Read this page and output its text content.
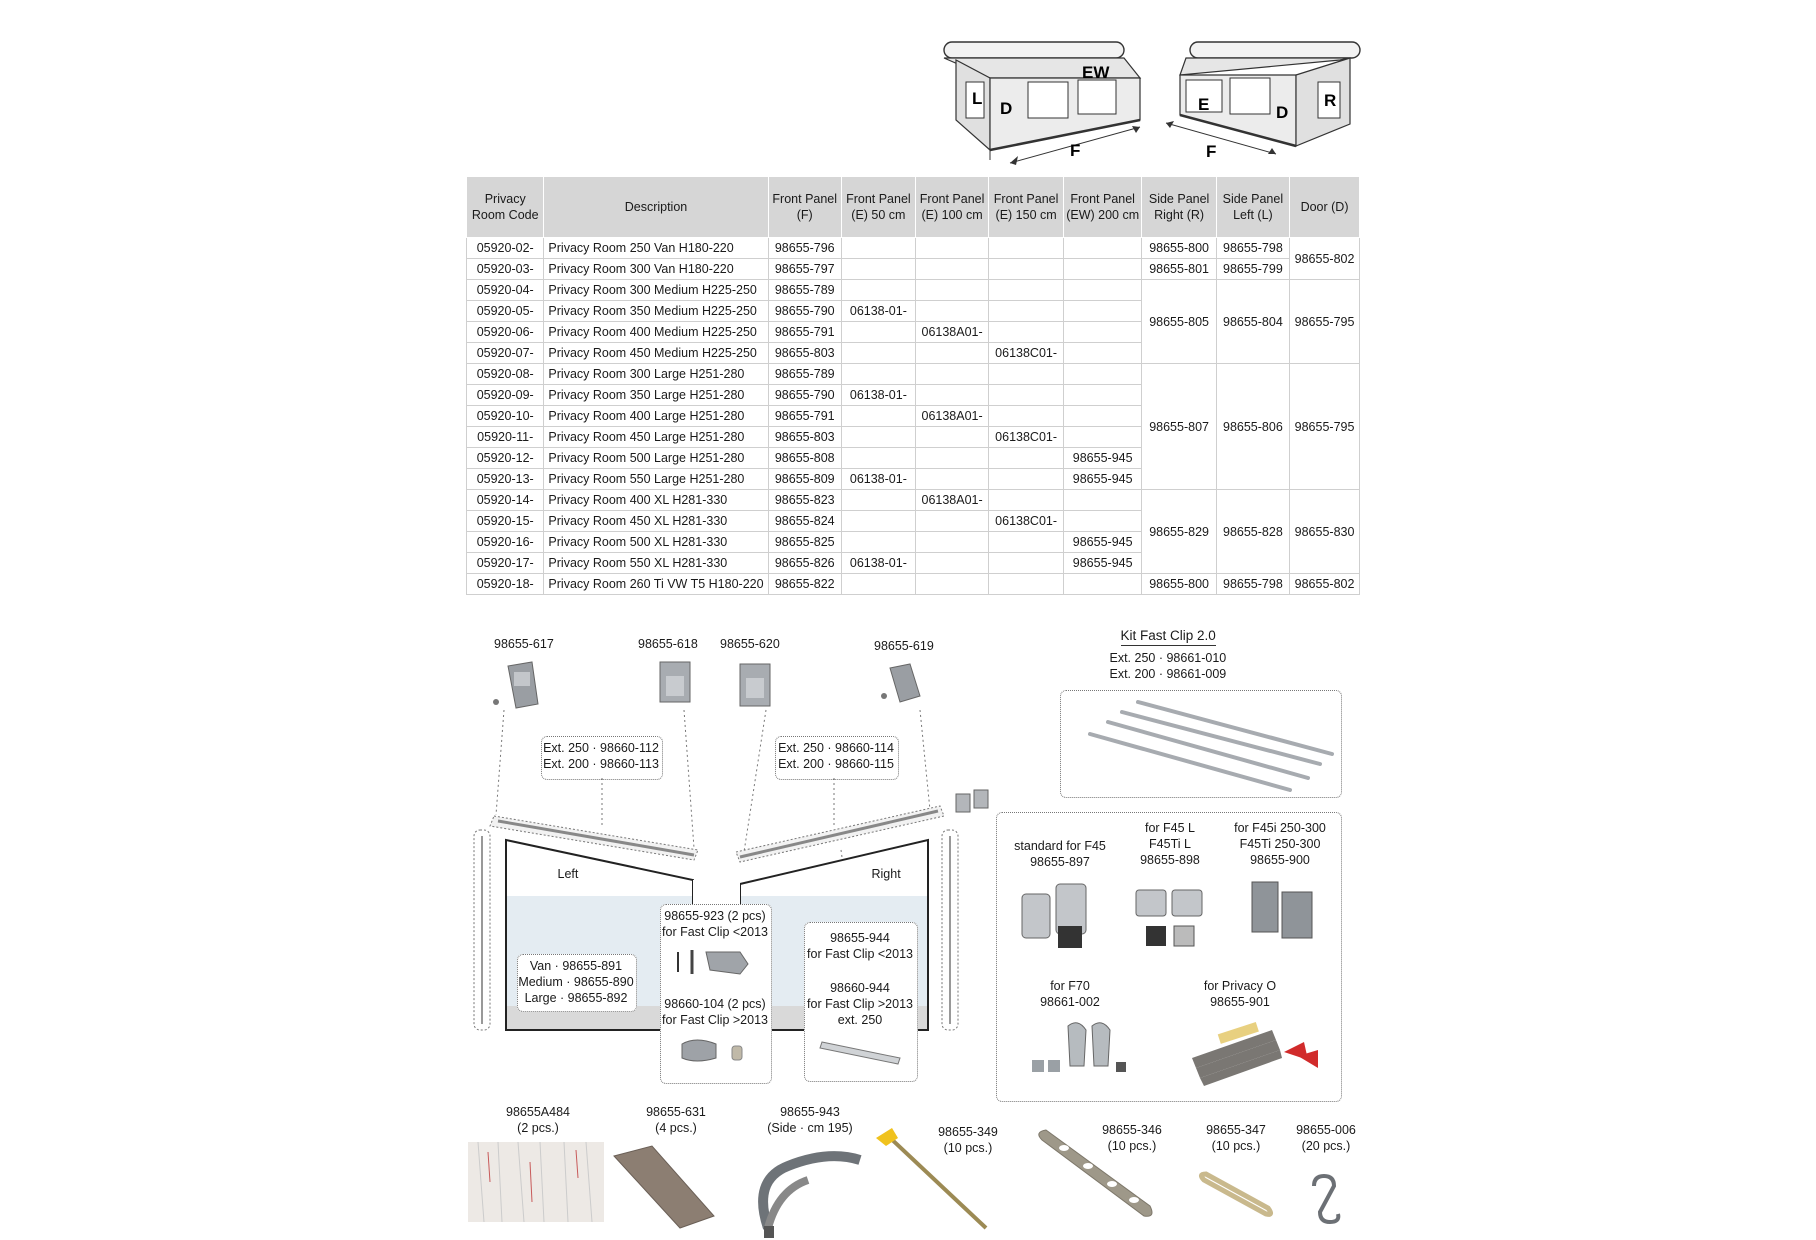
L
D
EW
F
E	D
R
F
Privacy Room Code	Description	Front Panel (F)	Front Panel (E) 50 cm	Front Panel (E) 100 cm	Front Panel (E) 150 cm	Front Panel (EW) 200 cm	Side Panel Right (R)	Side Panel Left (L)	Door (D)
05920-02-	Privacy Room 250 Van H180-220	98655-796					98655-800	98655-798	98655-802
05920-03-	Privacy Room 300 Van H180-220	98655-797					98655-801	98655-799	
05920-04-	Privacy Room 300 Medium H225-250	98655-789					98655-805	98655-804	98655-795
05920-05-	Privacy Room 350 Medium H225-250	98655-790	06138-01-						
05920-06-	Privacy Room 400 Medium H225-250	98655-791		06138A01-					
05920-07-	Privacy Room 450 Medium H225-250	98655-803			06138C01-				
05920-08-	Privacy Room 300 Large H251-280	98655-789					98655-807	98655-806	98655-795
05920-09-	Privacy Room 350 Large H251-280	98655-790	06138-01-						
05920-10-	Privacy Room 400 Large H251-280	98655-791		06138A01-					
05920-11-	Privacy Room 450 Large H251-280	98655-803			06138C01-				
05920-12-	Privacy Room 500 Large H251-280	98655-808				98655-945			
05920-13-	Privacy Room 550 Large H251-280	98655-809	06138-01-			98655-945			
05920-14-	Privacy Room 400 XL H281-330	98655-823		06138A01-			98655-829	98655-828	98655-830
05920-15-	Privacy Room 450 XL H281-330	98655-824			06138C01-				
05920-16-	Privacy Room 500 XL H281-330	98655-825				98655-945			
05920-17-	Privacy Room 550 XL H281-330	98655-826	06138-01-			98655-945			
05920-18-	Privacy Room 260 Ti VW T5 H180-220	98655-822					98655-800	98655-798	98655-802
98655-617	98655-618 98655-620	98655-619
Ext. 250 · 98660-112
Ext. 200 · 98660-113
Ext. 250 · 98660-114
Ext. 200 · 98660-115
Left	Right
Van · 98655-891
Medium · 98655-890
Large · 98655-892
98655-923 (2 pcs)
for Fast Clip <2013
98660-104 (2 pcs)
for Fast Clip >2013
98655-944
for Fast Clip <2013
98660-944
for Fast Clip >2013
ext. 250
Kit Fast Clip 2.0
Ext. 250 · 98661-010
Ext. 200 · 98661-009
standard for F45
98655-897
for F45 L
F45Ti L
98655-898
for F45i 250-300
F45Ti 250-300
98655-900
for F70
98661-002
for Privacy O
98655-901
98655A484
(2 pcs.)
98655-631
(4 pcs.)
98655-943
(Side · cm 195)	98655-349
(10 pcs.)
98655-346
(10 pcs.)
98655-347
(10 pcs.)
98655-006
(20 pcs.)
